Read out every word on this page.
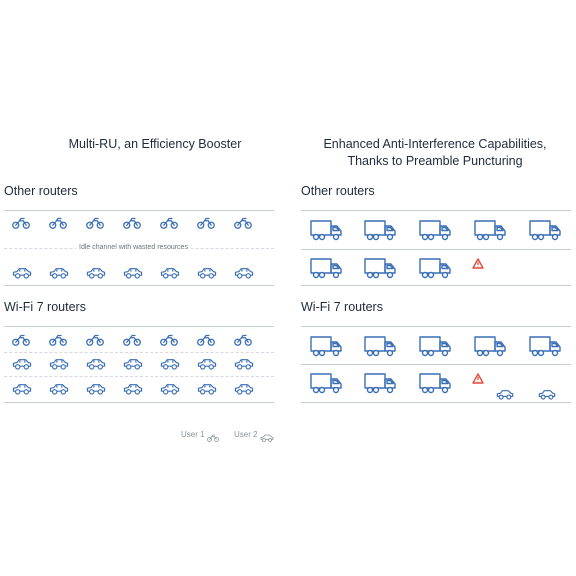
Multi-RU, an Efficiency Booster	Enhanced Anti-Interference Capabilities,
Thanks to Preamble Puncturing
Other routers
Wi-Fi 7 routers
Other routers
Wi-Fi 7 routers
Idle channel with wasted resources
User 1	User 2
